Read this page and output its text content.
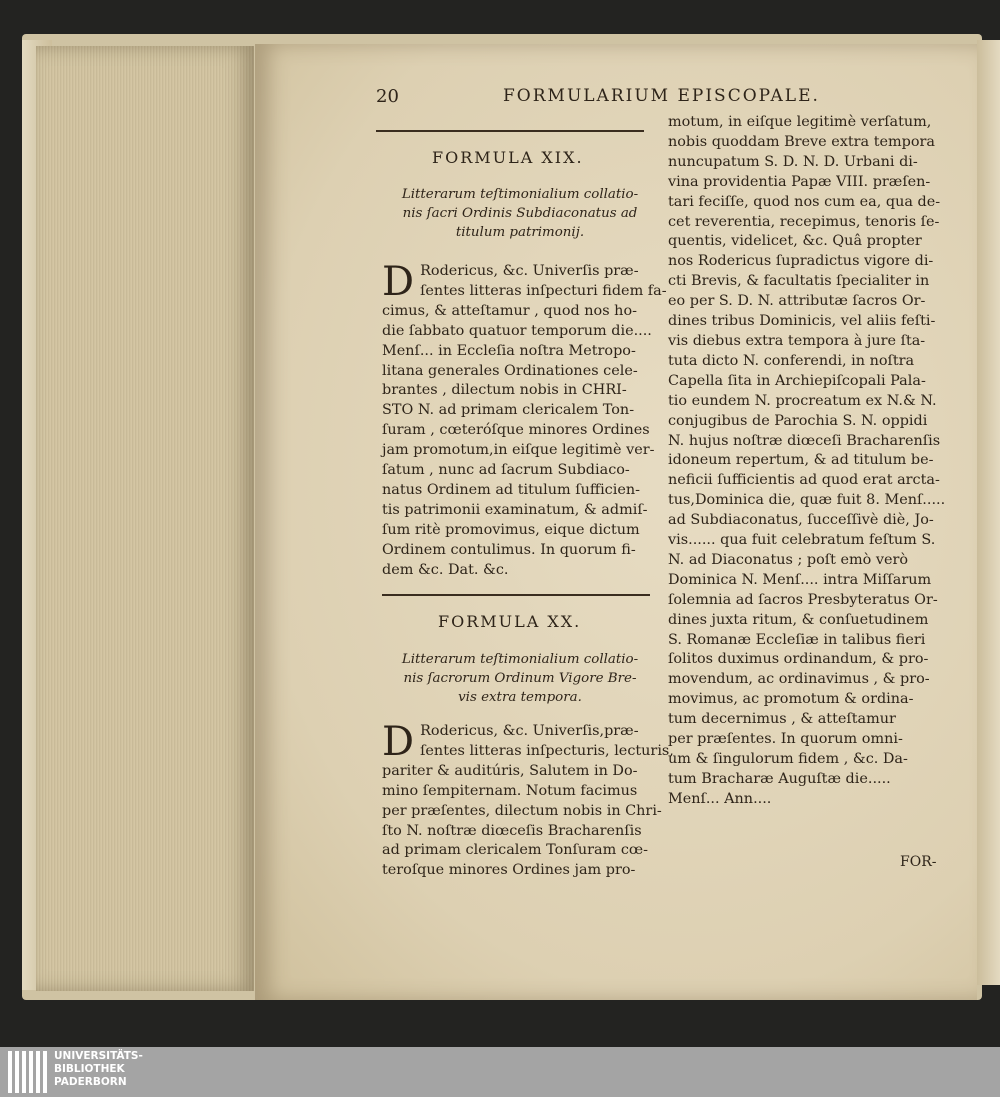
20	FORMULARIUM EPISCOPALE.
FORMULA XIX.
Litterarum teſtimonialium collatio-
nis ſacri Ordinis Subdiaconatus ad
titulum patrimonij.
D Rodericus, &c. Univerſis præ-
ſentes litteras inſpecturi fidem fa-
cimus, & atteſtamur , quod nos ho-
die ſabbato quatuor temporum die....
Menſ... in Eccleſia noſtra Metropo-
litana generales Ordinationes cele-
brantes , dilectum nobis in CHRI-
STO N. ad primam clericalem Ton-
ſuram , cœteróſque minores Ordines
jam promotum,in eiſque legitimè ver-
ſatum , nunc ad ſacrum Subdiaco-
natus Ordinem ad titulum ſufficien-
tis patrimonii examinatum, & admiſ-
ſum ritè promovimus, eique dictum
Ordinem contulimus. In quorum fi-
dem &c. Dat. &c.
FORMULA XX.
Litterarum teſtimonialium collatio-
nis ſacrorum Ordinum Vigore Bre-
vis extra tempora.
D Rodericus, &c. Univerſis,præ-
ſentes litteras inſpecturis, lecturis,
pariter & auditúris, Salutem in Do-
mino ſempiternam. Notum facimus
per præſentes, dilectum nobis in Chri-
ſto N. noſtræ diœceſis Bracharenſis
ad primam clericalem Tonſuram cœ-
teroſque minores Ordines jam pro-
motum, in eiſque legitimè verſatum,
nobis quoddam Breve extra tempora
nuncupatum S. D. N. D. Urbani di-
vina providentia Papæ VIII. præſen-
tari feciſſe, quod nos cum ea, qua de-
cet reverentia, recepimus, tenoris ſe-
quentis, videlicet, &c. Quâ propter
nos Rodericus ſupradictus vigore di-
cti Brevis, & facultatis ſpecialiter in
eo per S. D. N. attributæ ſacros Or-
dines tribus Dominicis, vel aliis feſti-
vis diebus extra tempora à jure ſta-
tuta dicto N. conferendi, in noſtra
Capella ſita in Archiepiſcopali Pala-
tio eundem N. procreatum ex N.& N.
conjugibus de Parochia S. N. oppidi
N. hujus noſtræ diœceſi Bracharenſis
idoneum repertum, & ad titulum be-
neficii ſufficientis ad quod erat arcta-
tus,Dominica die, quæ fuit 8. Menſ.....
ad Subdiaconatus, ſucceſſivè diè, Jo-
vis...... qua fuit celebratum feſtum S.
N. ad Diaconatus ; poſt emò verò
Dominica N. Menſ.... intra Miſſarum
ſolemnia ad ſacros Presbyteratus Or-
dines juxta ritum, & conſuetudinem
S. Romanæ Eccleſiæ in talibus fieri
ſolitos duximus ordinandum, & pro-
movendum, ac ordinavimus , & pro-
movimus, ac promotum & ordina-
tum decernimus , & atteſtamur
per præſentes. In quorum omni-
um & ſingulorum fidem , &c. Da-
tum Bracharæ Auguſtæ die.....
Menſ... Ann....
FOR-
UNIVERSITÄTS-
BIBLIOTHEK
PADERBORN
